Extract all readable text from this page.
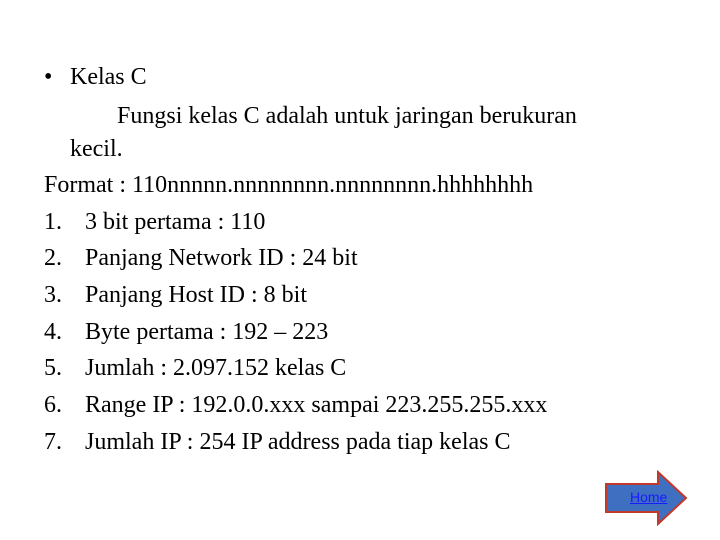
• Kelas C
Fungsi kelas C adalah untuk jaringan berukuran
kecil.
Format : 110nnnnn.nnnnnnnn.nnnnnnnn.hhhhhhhh
1. 3 bit pertama : 110
2. Panjang Network ID : 24 bit
3. Panjang Host ID : 8 bit
4. Byte pertama : 192 – 223
5. Jumlah : 2.097.152 kelas C
6. Range IP : 192.0.0.xxx sampai 223.255.255.xxx
7. Jumlah IP : 254 IP address pada tiap kelas C
Home
